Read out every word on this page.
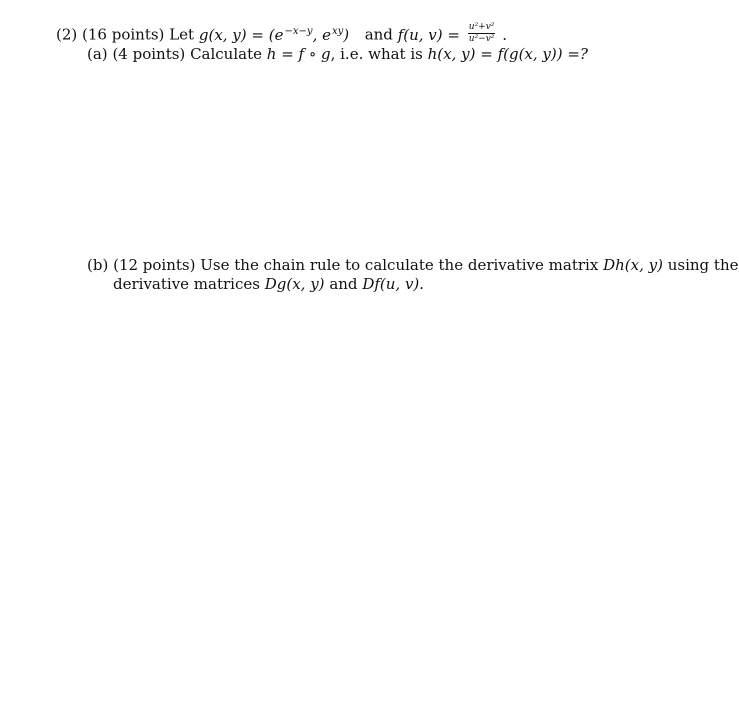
(2) (16 points) Let g(x, $y) = (e^{-x-y}$, $e^{xy}$) and f(u, $v) = \frac{\text{u²+v²}}{\text{u²−v²}}$ .
(a) (4 points) Calculate h = f ∘ g, i.e. what is h(x, y) = f(g(x, y)) =?
(b) (12 points) Use the chain rule to calculate the derivative matrix Dh(x, y) using the
derivative matrices Dg(x, y) and Df(u, v).
